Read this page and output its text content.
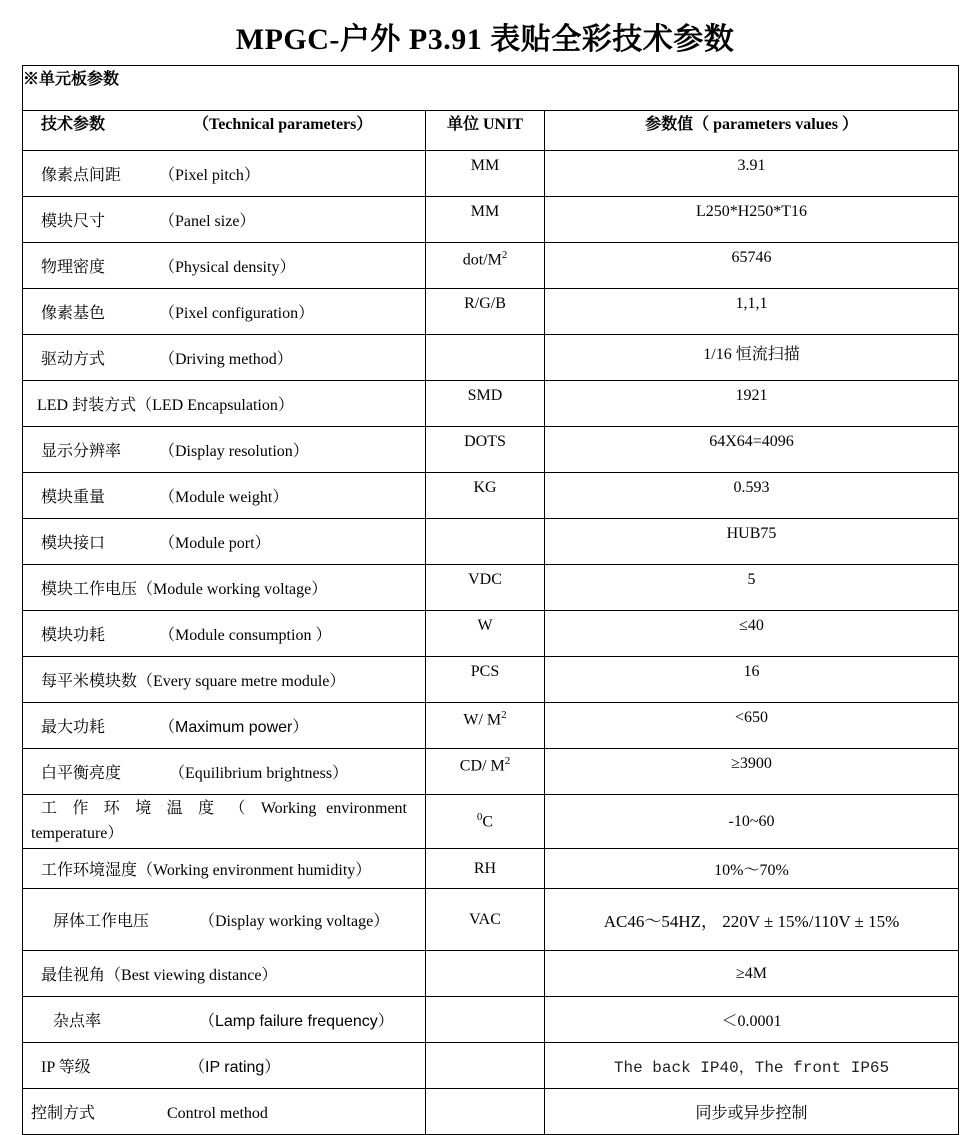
MPGC-户外 P3.91 表贴全彩技术参数
※单元板参数		
技术参数 （Technical parameters）	单位 UNIT	参数值（ parameters values ）
像素点间距 （Pixel pitch）	MM	3.91
模块尺寸 （Panel size）	MM	L250*H250*T16
物理密度 （Physical density）	dot/$M^2$	65746
像素基色 （Pixel configuration）	R/G/B	1,1,1
驱动方式 （Driving method）		1/16 恒流扫描
LED 封装方式（LED Encapsulation）	SMD	1921
显示分辨率 （Display resolution）	DOTS	64X64=4096
模块重量 （Module weight）	KG	0.593
模块接口 （Module port）		HUB75
模块工作电压（Module working voltage）	VDC	5
模块功耗 （Module consumption ）	W	≤40
每平米模块数（Every square metre module）	PCS	16
最大功耗 （Maximum power）	W/ $M^2$	<650
白平衡亮度 （Equilibrium brightness）	CD/ $M^2$	≥3900

工 作 环 境 温 度 （ Working environment
temperature）	$^0$C	-10~60
工作环境湿度（Working environment humidity）	RH	10%～70%
屏体工作电压 （Display working voltage）	VAC	AC46～54HZ， 220V ± 15%/110V ± 15%
最佳视角（Best viewing distance）		≥4M
杂点率 （Lamp failure frequency）		＜0.0001
IP 等级 （IP rating）		The back IP40，The front IP65
控制方式 Control method		同步或异步控制
